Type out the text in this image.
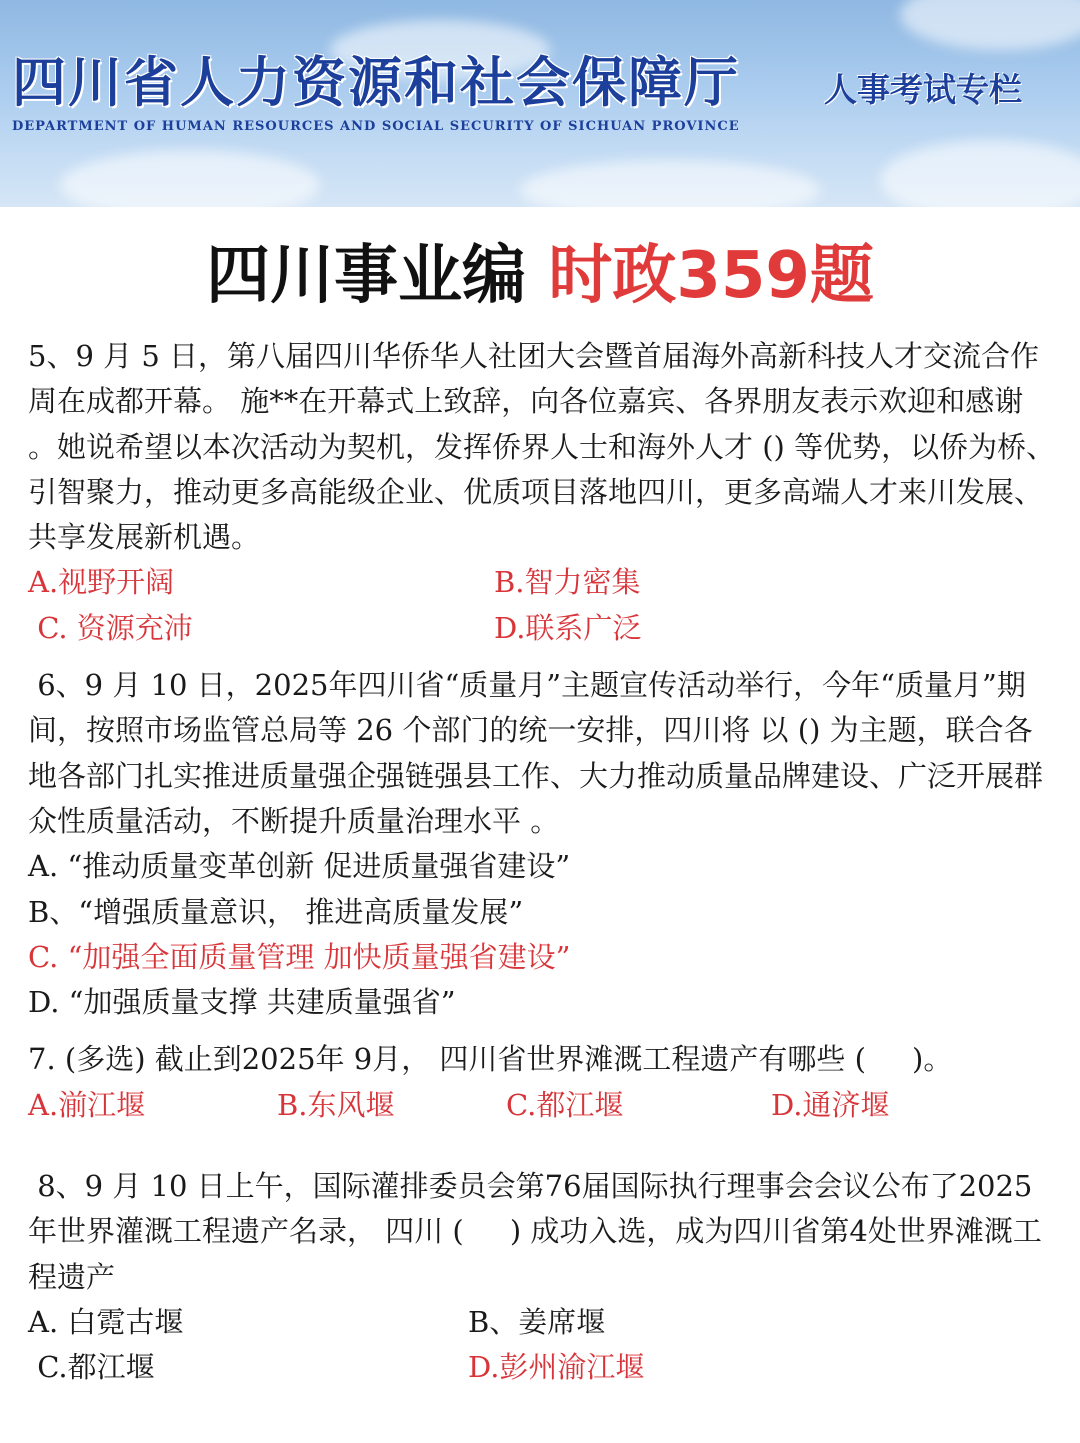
四川省人力资源和社会保障厅
DEPARTMENT OF HUMAN RESOURCES AND SOCIAL SECURITY OF SICHUAN PROVINCE
人事考试专栏
四川事业编 时政359题

5、9 月 5 日，第八届四川华侨华人社团大会暨首届海外高新科技人才交流合作周在成都开幕。 施**在开幕式上致辞，向各位嘉宾、各界朋友表示欢迎和感谢 。她说希望以本次活动为契机，发挥侨界人士和海外人才 () 等优势，以侨为桥、引智聚力，推动更多高能级企业、优质项目落地四川，更多高端人才来川发展、共享发展新机遇。

A.视野开阔	B.智力密集
C. 资源充沛	D.联系广泛

6、9 月 10 日，2025年四川省“质量月”主题宣传活动举行，今年“质量月”期间，按照市场监管总局等 26 个部门的统一安排，四川将 以 () 为主题，联合各地各部门扎实推进质量强企强链强县工作、大力推动质量品牌建设、广泛开展群众性质量活动，不断提升质量治理水平 。

A. “推动质量变革创新 促进质量强省建设”
B、“增强质量意识， 推进高质量发展”
C. “加强全面质量管理 加快质量强省建设”
D. “加强质量支撑 共建质量强省”

7. (多选) 截止到2025年 9月， 四川省世界滩溉工程遗产有哪些 (     )。

A.湔江堰	B.东风堰	C.都江堰	D.通济堰

8、9 月 10 日上午，国际灌排委员会第76届国际执行理事会会议公布了2025年世界灌溉工程遗产名录， 四川 (     ) 成功入选，成为四川省第4处世界滩溉工程遗产

A. 白霓古堰	B、姜席堰
C.都江堰	D.彭州渝江堰
